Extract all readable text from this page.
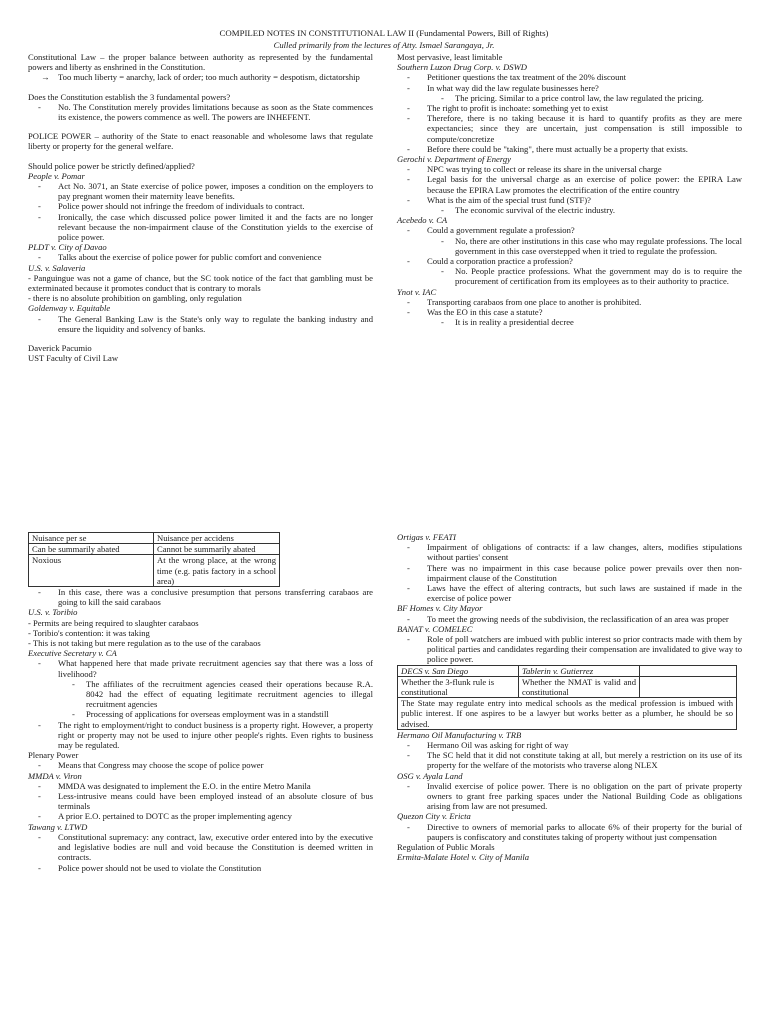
COMPILED NOTES IN CONSTITUTIONAL LAW II (Fundamental Powers, Bill of Rights)
Culled primarily from the lectures of Atty. Ismael Sarangaya, Jr.

Constitutional Law – the proper balance between authority as represented by the fundamental powers and liberty as enshrined in the Constitution.

→ Too much liberty = anarchy, lack of order; too much authority = despotism, dictatorship

Does the Constitution establish the 3 fundamental powers?

- No. The Constitution merely provides limitations because as soon as the State commences its existence, the powers commence as well. The powers are INHEFENT.

POLICE POWER – authority of the State to enact reasonable and wholesome laws that regulate liberty or property for the general welfare.

Should police power be strictly defined/applied?

People v. Pomar

- Act No. 3071, an State exercise of police power, imposes a condition on the employers to pay pregnant women their maternity leave benefits.

- Police power should not infringe the freedom of individuals to contract.

- Ironically, the case which discussed police power limited it and the facts are no longer relevant because the non-impairment clause of the Constitution yields to the exercise of police power.

PLDT v. City of Davao

- Talks about the exercise of police power for public comfort and convenience

U.S. v. Salaveria

- Panguingue was not a game of chance, but the SC took notice of the fact that gambling must be exterminated because it promotes conduct that is contrary to morals

- there is no absolute prohibition on gambling, only regulation

Goldenway v. Equitable

- The General Banking Law is the State's only way to regulate the banking industry and ensure the liquidity and solvency of banks.

Daverick Pacumio

UST Faculty of Civil Law

Most pervasive, least limitable

Southern Luzon Drug Corp. v. DSWD

- Petitioner questions the tax treatment of the 20% discount

- In what way did the law regulate businesses here?

- The pricing. Similar to a price control law, the law regulated the pricing.

- The right to profit is inchoate: something yet to exist

- Therefore, there is no taking because it is hard to quantify profits as they are mere expectancies; since they are uncertain, just compensation is still impossible to compute/concretize

- Before there could be "taking", there must actually be a property that exists.

Gerochi v. Department of Energy

- NPC was trying to collect or release its share in the universal charge

- Legal basis for the universal charge as an exercise of police power: the EPIRA Law because the EPIRA Law promotes the electrification of the entire country

- What is the aim of the special trust fund (STF)?

- The economic survival of the electric industry.

Acebedo v. CA

- Could a government regulate a profession?

- No, there are other institutions in this case who may regulate professions. The local government in this case overstepped when it tried to regulate the profession.

- Could a corporation practice a profession?

- No. People practice professions. What the government may do is to require the procurement of certification from its employees as to their authority to practice.

Ynot v. IAC

- Transporting carabaos from one place to another is prohibited.

- Was the EO in this case a statute?

- It is in reality a presidential decree

Nuisance per se	Nuisance per accidens
Can be summarily abated	Cannot be summarily abated
Noxious	At the wrong place, at the wrong time (e.g. patis factory in a school area)

- In this case, there was a conclusive presumption that persons transferring carabaos are going to kill the said carabaos

U.S. v. Toribio

- Permits are being required to slaughter carabaos

- Toribio's contention: it was taking

- This is not taking but mere regulation as to the use of the carabaos

Executive Secretary v. CA

- What happened here that made private recruitment agencies say that there was a loss of livelihood?

- The affiliates of the recruitment agencies ceased their operations because R.A. 8042 had the effect of equating legitimate recruitment agencies to illegal recruitment agencies

- Processing of applications for overseas employment was in a standstill

- The right to employment/right to conduct business is a property right. However, a property right or property may not be used to injure other people's rights. Even rights to business may be regulated.

Plenary Power

- Means that Congress may choose the scope of police power

MMDA v. Viron

- MMDA was designated to implement the E.O. in the entire Metro Manila

- Less-intrusive means could have been employed instead of an absolute closure of bus terminals

- A prior E.O. pertained to DOTC as the proper implementing agency

Tawang v. LTWD

- Constitutional supremacy: any contract, law, executive order entered into by the executive and legislative bodies are null and void because the Constitution is deemed written in contracts.

- Police power should not be used to violate the Constitution

Ortigas v. FEATI

- Impairment of obligations of contracts: if a law changes, alters, modifies stipulations without parties' consent

- There was no impairment in this case because police power prevails over then non-impairment clause of the Constitution

- Laws have the effect of altering contracts, but such laws are sustained if made in the exercise of police power

BF Homes v. City Mayor

- To meet the growing needs of the subdivision, the reclassification of an area was proper

BANAT v. COMELEC

- Role of poll watchers are imbued with public interest so prior contracts made with them by political parties and candidates regarding their compensation are invalidated to give way to police power.

DECS v. San Diego	Tablerin v. Gutierrez	
Whether the 3-flunk rule is constitutional	Whether the NMAT is valid and constitutional	
The State may regulate entry into medical schools as the medical profession is imbued with public interest. If one aspires to be a lawyer but works better as a plumber, he should be so advised.		

Hermano Oil Manufacturing v. TRB

- Hermano Oil was asking for right of way

- The SC held that it did not constitute taking at all, but merely a restriction on its use of its property for the welfare of the motorists who traverse along NLEX

OSG v. Ayala Land

- Invalid exercise of police power. There is no obligation on the part of private property owners to grant free parking spaces under the National Building Code as obligations arising from law are not presumed.

Quezon City v. Ericta

- Directive to owners of memorial parks to allocate 6% of their property for the burial of paupers is confiscatory and constitutes taking of property without just compensation

Regulation of Public Morals

Ermita-Malate Hotel v. City of Manila
